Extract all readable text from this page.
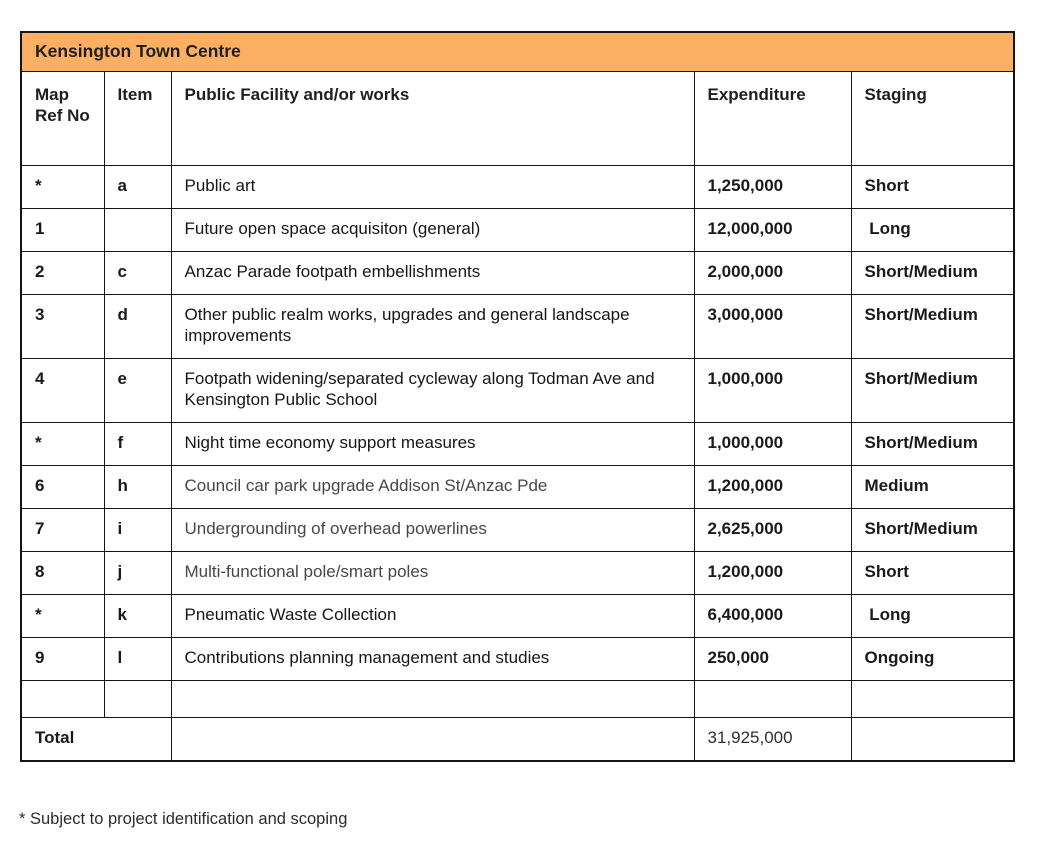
Kensington Town Centre				
Map Ref No	Item	Public Facility and/or works	Expenditure	Staging
*	a	Public art	1,250,000	Short
1		Future open space acquisiton (general)	12,000,000	Long
2	c	Anzac Parade footpath embellishments	2,000,000	Short/Medium
3	d	Other public realm works, upgrades and general landscape improvements	3,000,000	Short/Medium
4	e	Footpath widening/separated cycleway along Todman Ave and Kensington Public School	1,000,000	Short/Medium
*	f	Night time economy support measures	1,000,000	Short/Medium
6	h	Council car park upgrade Addison St/Anzac Pde	1,200,000	Medium
7	i	Undergrounding of overhead powerlines	2,625,000	Short/Medium
8	j	Multi-functional pole/smart poles	1,200,000	Short
*	k	Pneumatic Waste Collection	6,400,000	Long
9	l	Contributions planning management and studies	250,000	Ongoing

Total			31,925,000	
* Subject to project identification and scoping
